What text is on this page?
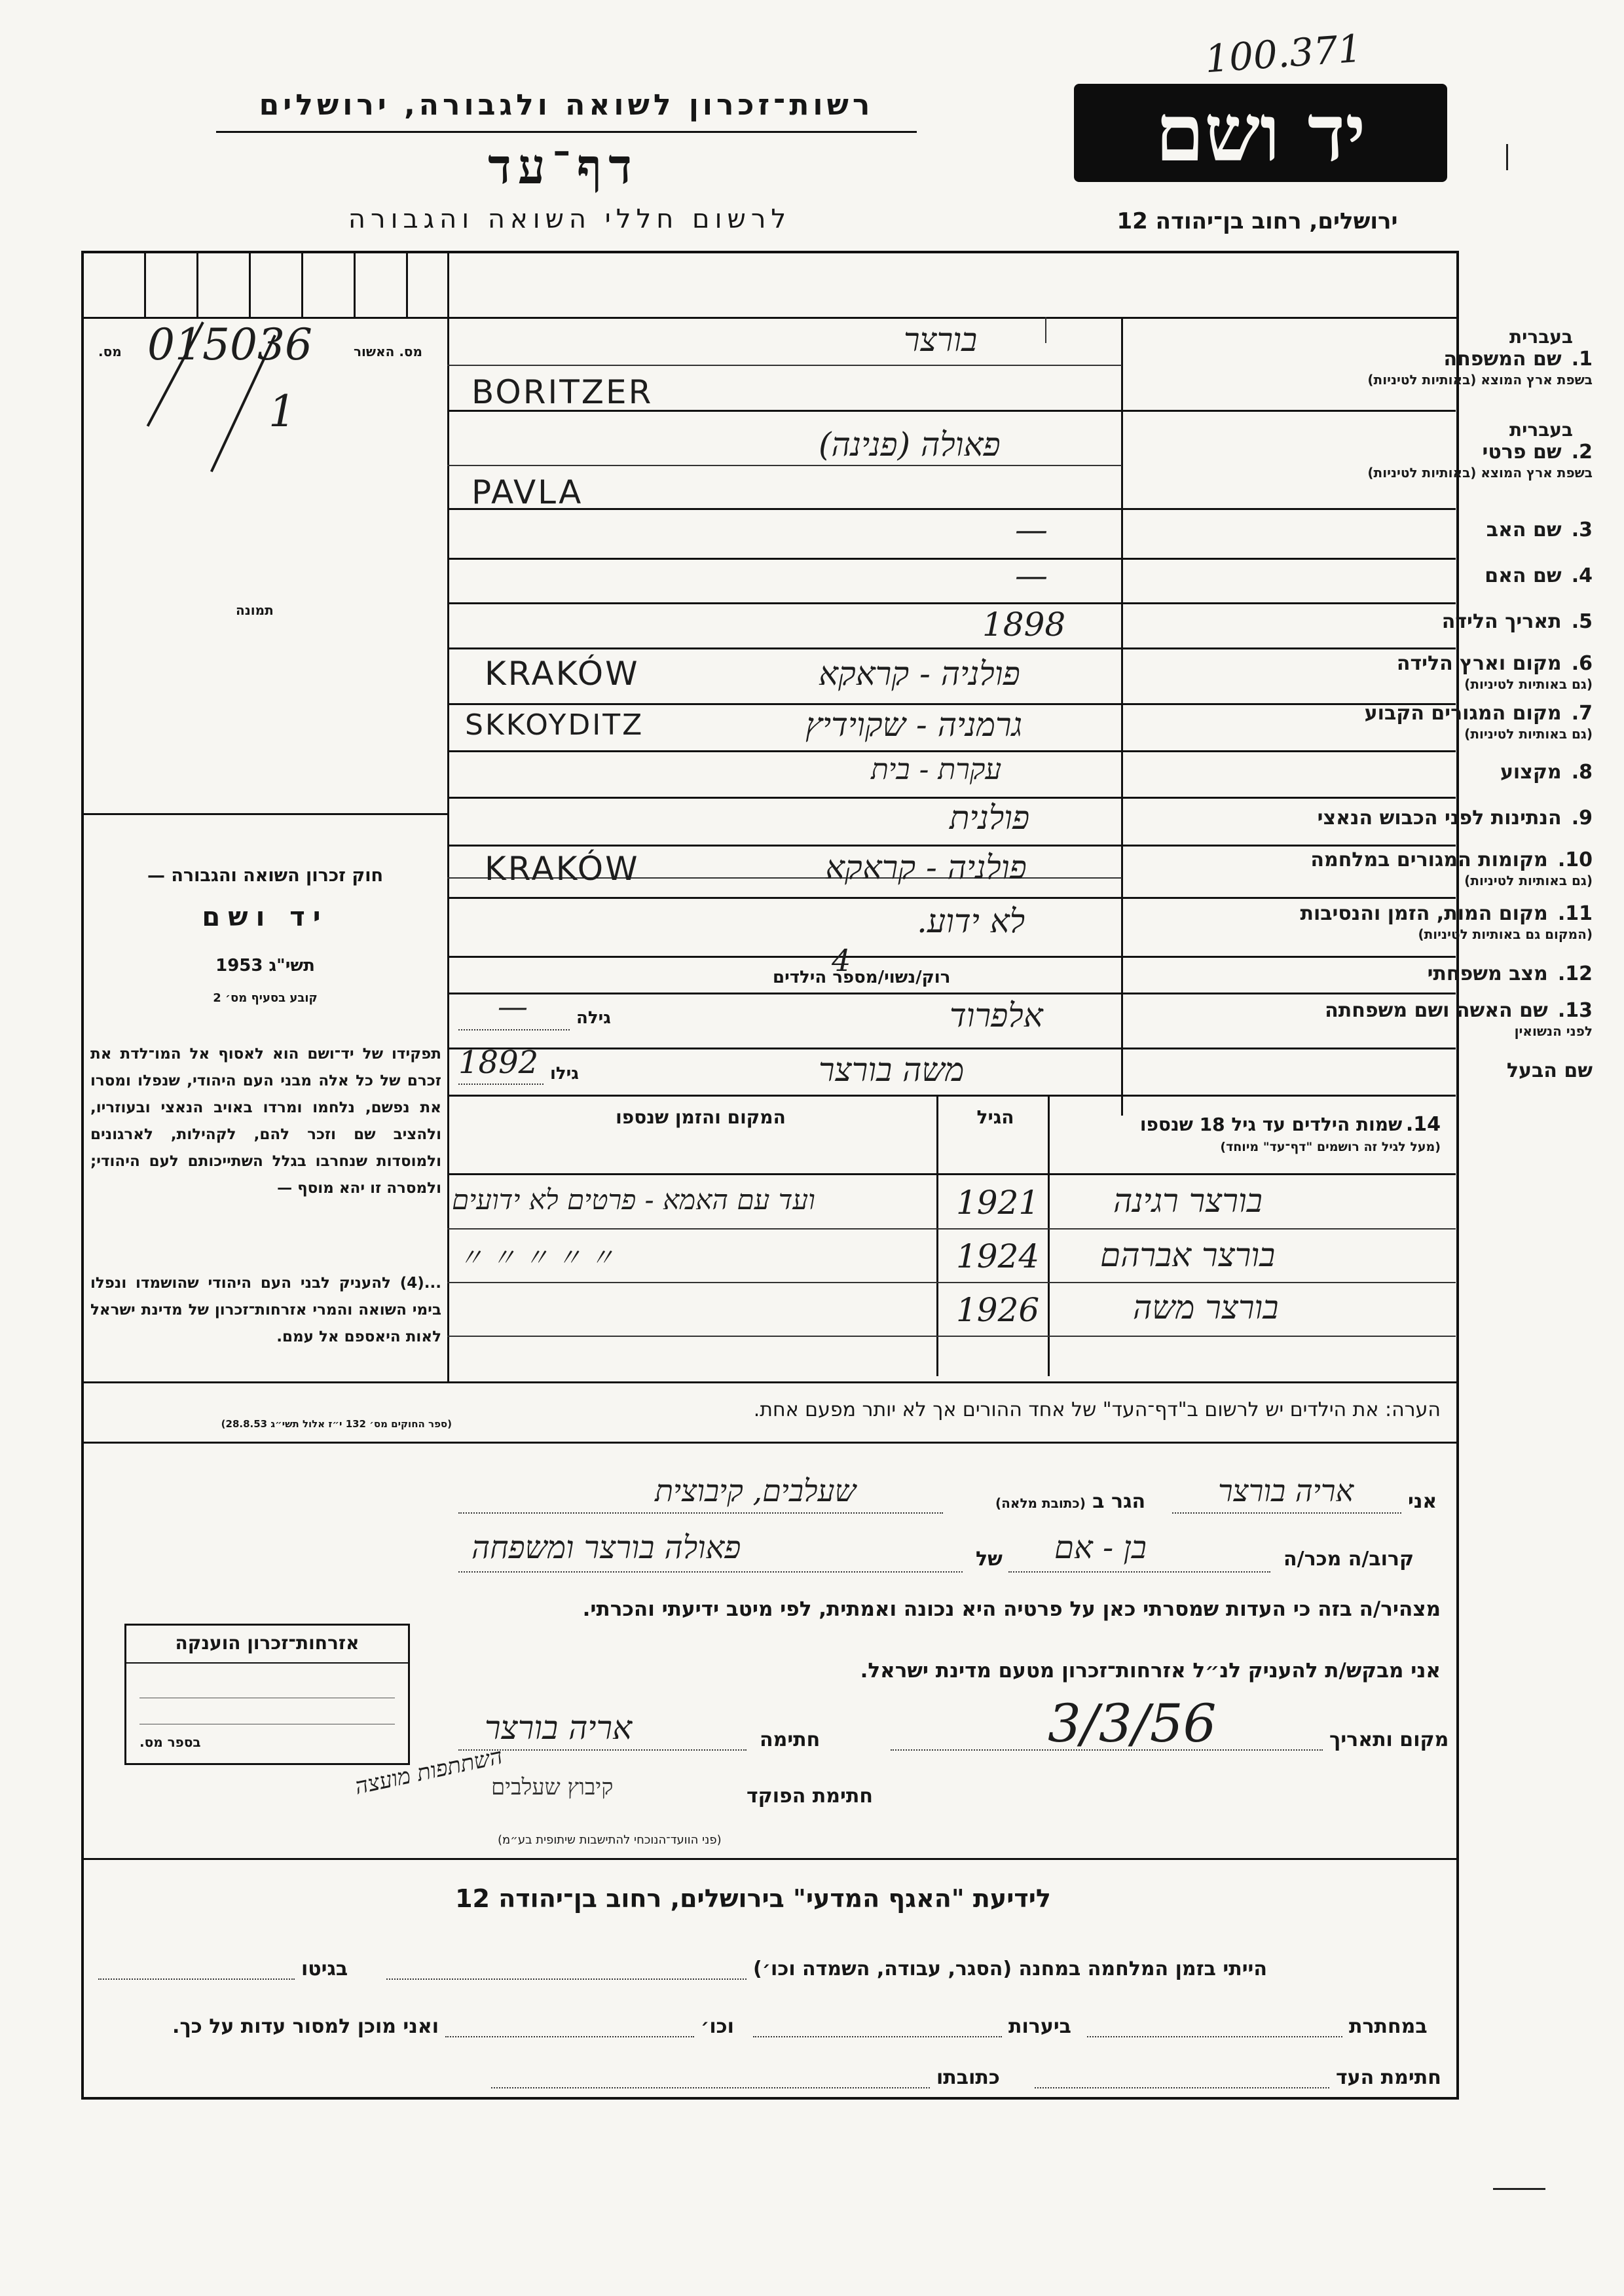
100.371
רשות־זכרון לשואה ולגבורה, ירושלים
דף־עד
לרשום חללי השואה והגבורה
יד ושם
ירושלים, רחוב בן־יהודה 12
מס. האשור
מס. 015036
1
תמונה
חוק זכרון השואה והגבורה —
יד ושם
תשי"ג 1953
קובע בסעיף מס׳ 2
תפקידו של יד־ושם הוא לאסוף אל המו־לדת את זכרם של כל אלה מבני העם היהודי, שנפלו ומסרו את נפשם, נלחמו ומרדו באויב הנאצי ובעוזריו, ולהציב שם וזכר להם, לקהילות, לארגונים ולמוסדות שנחרבו בגלל השתייכותם לעם היהודי; ולמסרה זו יהא מוסף —
...(4) להעניק לבני העם היהודי שהושמדו ונפלו בימי השואה והמרי אזרחות־זכרון של מדינת ישראל לאות היאספם אל עמם.
(ספר החוקים מס׳ 132 י״ז אלול תשי״ג 28.8.53)
בעברית
1. שם המשפחה
בשפת ארץ המוצא (באותיות לטיניות)
בעברית
2. שם פרטי
בשפת ארץ המוצא (באותיות לטיניות)
3. שם האב
4. שם האם
5. תאריך הלידה
6. מקום וארץ הלידה
(גם באותיות לטיניות)
7. מקום המגורים הקבוע
(גם באותיות לטיניות)
8. מקצוע
9. הנתינות לפני הכבוש הנאצי
10. מקומות המגורים במלחמה
(גם באותיות לטיניות)
11. מקום המות, הזמן והנסיבות
(המקום גם באותיות לטיניות)
12. מצב משפחתי
13. שם האשה ושם משפחתה
לפני הנשואין
שם הבעל
בורצר
BORITZER
פאולה (פנינה)
PAVLA
—
—
1898
פולניה - קראקא
KRAKÓW
גרמניה - שקוידיץ
SKKOYDITZ
עקרת - בית
פולנית
פולניה - קראקא
KRAKÓW
לא ידוע.
רוק/נשוי/מספר הילדים
4
אלפרוד
גילה
—
משה בורצר
גילו
1892
14. שמות הילדים עד גיל 18 שנספו
(מעל לגיל זה רושמים "דף־עד" מיוחד)
הגיל
המקום והזמן שנספו
בורצר רגינה
1921
ועד עם האמא - פרטים לא ידועים
בורצר אברהם
1924
〃 〃 〃 〃 〃
בורצר משה
1926
הערה: את הילדים יש לרשום ב"דף־העד" של אחד ההורים אך לא יותר מפעם אחת.
אני
אריה בורצר
הגר ב (כתובת מלאה)
שעלבים, קיבוצית
קרוב/ה מכר/ה
בן - אם
של
פאולה בורצר ומשפחה
מצהיר/ה בזה כי העדות שמסרתי כאן על פרטיה היא נכונה ואמתית, לפי מיטב ידיעתי והכרתי.
אני מבקש/ת להעניק לנ״ל אזרחות־זכרון מטעם מדינת ישראל.
מקום ותאריך
3/3/56
חתימה
אריה בורצר
חתימת הפוקד
קיבוץ שעלבים
(פני הוועד־הנוכחי להתישבות שיתופית בע״מ)
השתתפות מועצה
אזרחות־זכרון הוענקה
בספר מס.
לידיעת "האגף המדעי" בירושלים, רחוב בן־יהודה 12
הייתי בזמן המלחמה במחנה (הסגר, עבודה, השמדה וכו׳)
בגיטו
במחתרת
ביערות
וכו׳
ואני מוכן למסור עדות על כך.
חתימת העד
כתובתו
